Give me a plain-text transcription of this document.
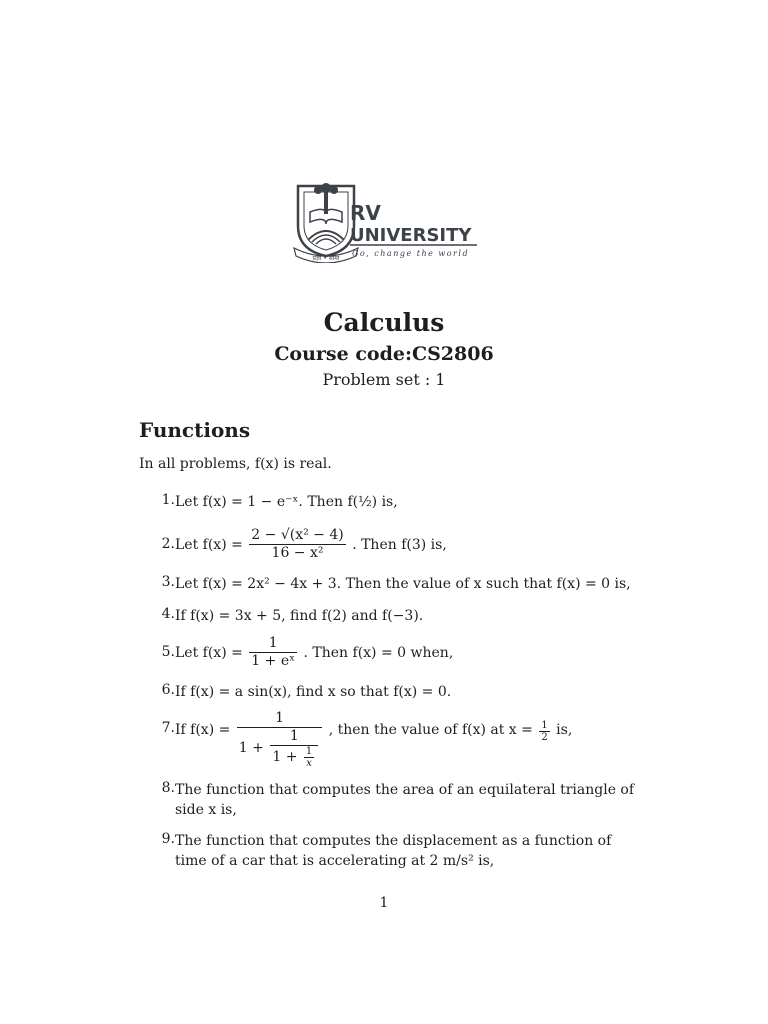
प्रज्ञा • सीमा
RV
UNIVERSITY
Go, change the world
Calculus
Course code:CS2806
Problem set : 1
Functions
In all problems, f(x) is real.
1. Let f(x) = 1 − e⁻ˣ. Then f(½) is,
2. Let $f(x) = \frac{\text{2 − √(x² − 4)}}{\text{16 − x²}}$ . Then f(3) is,
3. Let f(x) = 2x² − 4x + 3. Then the value of x such that f(x) = 0 is,
4. If f(x) = 3x + 5, find f(2) and f(−3).
5. Let $f(x) = \frac{1}{\text{1 + eˣ}}$ . Then f(x) = 0 when,
6. If f(x) = a sin(x), find x so that f(x) = 0.
7. If f(x) =
1
$1 + \frac{1}{1 + \frac{1}{x}}$ , then the value of f(x) at $x = \frac{1}{2}$ is,
8. The function that computes the area of an equilateral triangle of side x is,
9. The function that computes the displacement as a function of time of a car that is accelerating at 2 m/s² is,
1
